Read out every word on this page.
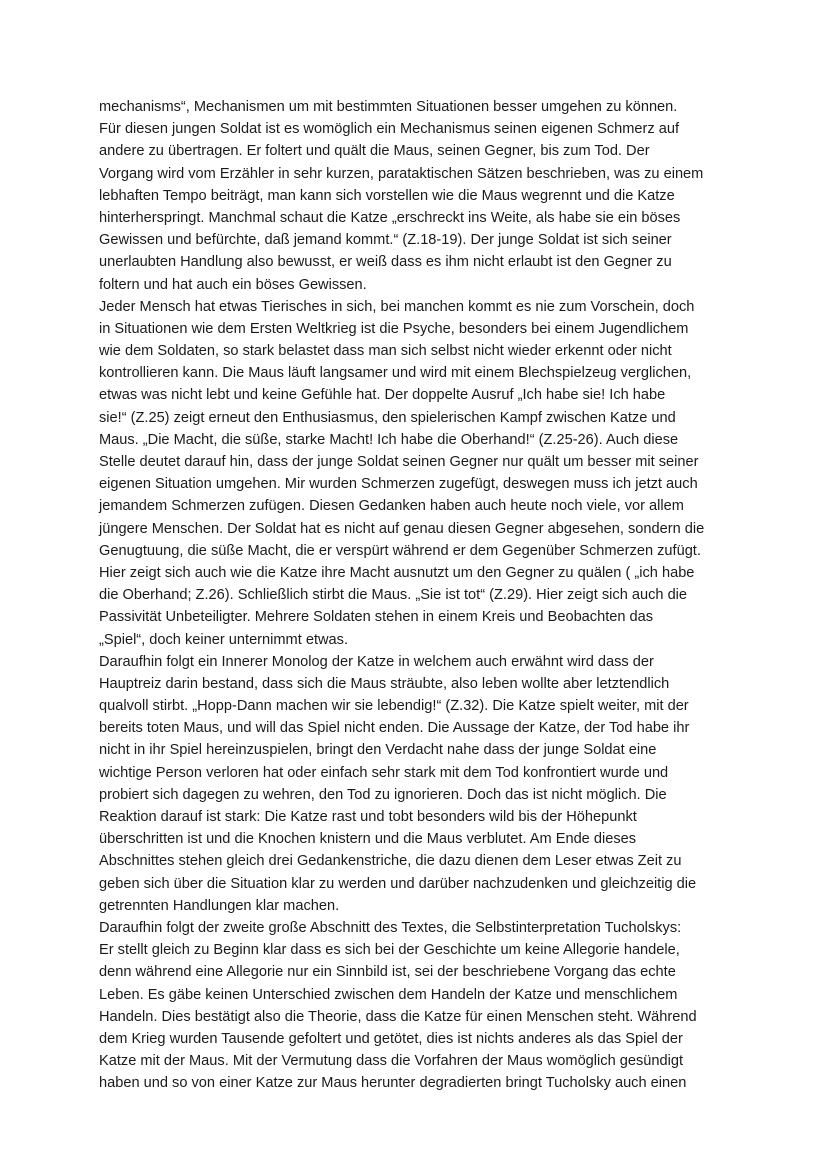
mechanisms“, Mechanismen um mit bestimmten Situationen besser umgehen zu können.
Für diesen jungen Soldat ist es womöglich ein Mechanismus seinen eigenen Schmerz auf
andere zu übertragen. Er foltert und quält die Maus, seinen Gegner, bis zum Tod. Der
Vorgang wird vom Erzähler in sehr kurzen, parataktischen Sätzen beschrieben, was zu einem
lebhaften Tempo beiträgt, man kann sich vorstellen wie die Maus wegrennt und die Katze
hinterherspringt. Manchmal schaut die Katze „erschreckt ins Weite, als habe sie ein böses
Gewissen und befürchte, daß jemand kommt.“ (Z.18-19). Der junge Soldat ist sich seiner
unerlaubten Handlung also bewusst, er weiß dass es ihm nicht erlaubt ist den Gegner zu
foltern und hat auch ein böses Gewissen.
Jeder Mensch hat etwas Tierisches in sich, bei manchen kommt es nie zum Vorschein, doch
in Situationen wie dem Ersten Weltkrieg ist die Psyche, besonders bei einem Jugendlichem
wie dem Soldaten, so stark belastet dass man sich selbst nicht wieder erkennt oder nicht
kontrollieren kann. Die Maus läuft langsamer und wird mit einem Blechspielzeug verglichen,
etwas was nicht lebt und keine Gefühle hat. Der doppelte Ausruf „Ich habe sie! Ich habe
sie!“ (Z.25) zeigt erneut den Enthusiasmus, den spielerischen Kampf zwischen Katze und
Maus. „Die Macht, die süße, starke Macht! Ich habe die Oberhand!“ (Z.25-26). Auch diese
Stelle deutet darauf hin, dass der junge Soldat seinen Gegner nur quält um besser mit seiner
eigenen Situation umgehen. Mir wurden Schmerzen zugefügt, deswegen muss ich jetzt auch
jemandem Schmerzen zufügen. Diesen Gedanken haben auch heute noch viele, vor allem
jüngere Menschen. Der Soldat hat es nicht auf genau diesen Gegner abgesehen, sondern die
Genugtuung, die süße Macht, die er verspürt während er dem Gegenüber Schmerzen zufügt.
Hier zeigt sich auch wie die Katze ihre Macht ausnutzt um den Gegner zu quälen ( „ich habe
die Oberhand; Z.26). Schließlich stirbt die Maus. „Sie ist tot“ (Z.29). Hier zeigt sich auch die
Passivität Unbeteiligter. Mehrere Soldaten stehen in einem Kreis und Beobachten das
„Spiel“, doch keiner unternimmt etwas.
Daraufhin folgt ein Innerer Monolog der Katze in welchem auch erwähnt wird dass der
Hauptreiz darin bestand, dass sich die Maus sträubte, also leben wollte aber letztendlich
qualvoll stirbt. „Hopp-Dann machen wir sie lebendig!“ (Z.32). Die Katze spielt weiter, mit der
bereits toten Maus, und will das Spiel nicht enden. Die Aussage der Katze, der Tod habe ihr
nicht in ihr Spiel hereinzuspielen, bringt den Verdacht nahe dass der junge Soldat eine
wichtige Person verloren hat oder einfach sehr stark mit dem Tod konfrontiert wurde und
probiert sich dagegen zu wehren, den Tod zu ignorieren. Doch das ist nicht möglich. Die
Reaktion darauf ist stark: Die Katze rast und tobt besonders wild bis der Höhepunkt
überschritten ist und die Knochen knistern und die Maus verblutet. Am Ende dieses
Abschnittes stehen gleich drei Gedankenstriche, die dazu dienen dem Leser etwas Zeit zu
geben sich über die Situation klar zu werden und darüber nachzudenken und gleichzeitig die
getrennten Handlungen klar machen.
Daraufhin folgt der zweite große Abschnitt des Textes, die Selbstinterpretation Tucholskys:
Er stellt gleich zu Beginn klar dass es sich bei der Geschichte um keine Allegorie handele,
denn während eine Allegorie nur ein Sinnbild ist, sei der beschriebene Vorgang das echte
Leben. Es gäbe keinen Unterschied zwischen dem Handeln der Katze und menschlichem
Handeln. Dies bestätigt also die Theorie, dass die Katze für einen Menschen steht. Während
dem Krieg wurden Tausende gefoltert und getötet, dies ist nichts anderes als das Spiel der
Katze mit der Maus. Mit der Vermutung dass die Vorfahren der Maus womöglich gesündigt
haben und so von einer Katze zur Maus herunter degradierten bringt Tucholsky auch einen
